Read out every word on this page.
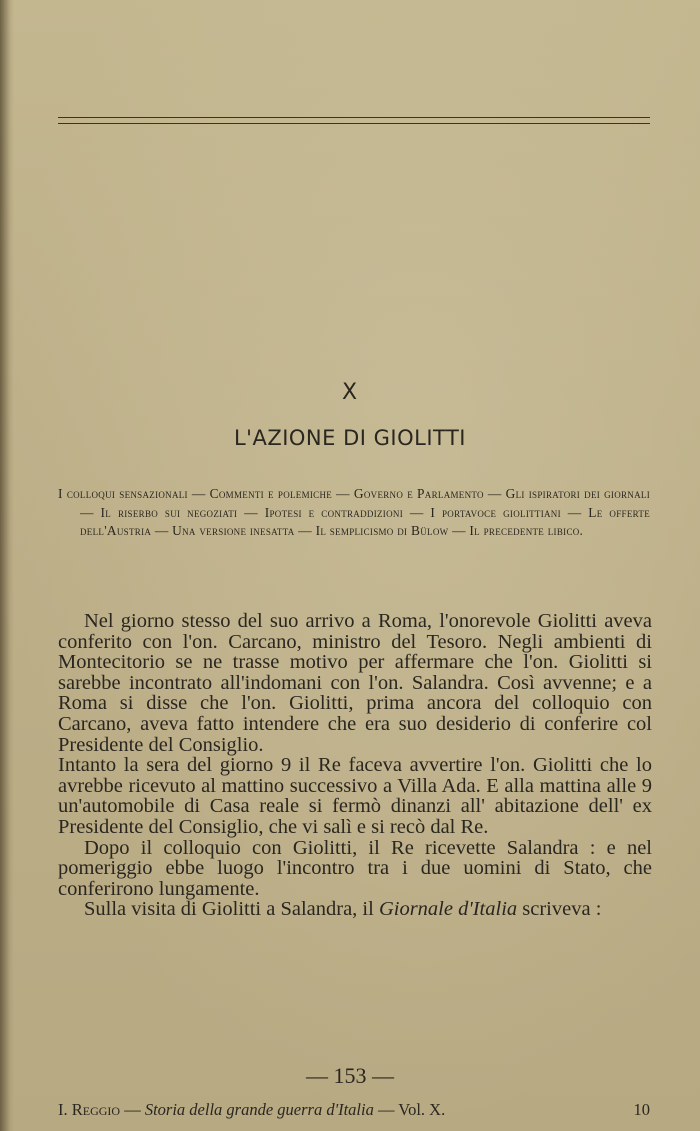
X
L'AZIONE DI GIOLITTI
I colloqui sensazionali — Commenti e polemiche — Governo e Parlamento — Gli ispiratori dei giornali — Il riserbo sui negoziati — Ipotesi e contraddizioni — I portavoce giolittiani — Le offerte dell'Austria — Una versione inesatta — Il semplicismo di Bülow — Il precedente libico.

Nel giorno stesso del suo arrivo a Roma, l'onorevole Giolitti aveva conferito con l'on. Carcano, ministro del Tesoro. Negli ambienti di Montecitorio se ne trasse motivo per affermare che l'on. Giolitti si sarebbe incontrato all'indomani con l'on. Salandra. Così avvenne; e a Roma si disse che l'on. Giolitti, prima ancora del colloquio con Carcano, aveva fatto intendere che era suo desiderio di conferire col Presidente del Consiglio.

Intanto la sera del giorno 9 il Re faceva avvertire l'on. Giolitti che lo avrebbe ricevuto al mattino successivo a Villa Ada. E alla mattina alle 9 un'automobile di Casa reale si fermò dinanzi all' abitazione dell' ex Presidente del Consiglio, che vi salì e si recò dal Re.

Dopo il colloquio con Giolitti, il Re ricevette Salandra : e nel pomeriggio ebbe luogo l'incontro tra i due uomini di Stato, che conferirono lungamente.

Sulla visita di Giolitti a Salandra, il Giornale d'Italia scriveva :

— 153 —
I. Reggio — Storia della grande guerra d'Italia — Vol. X.	10
